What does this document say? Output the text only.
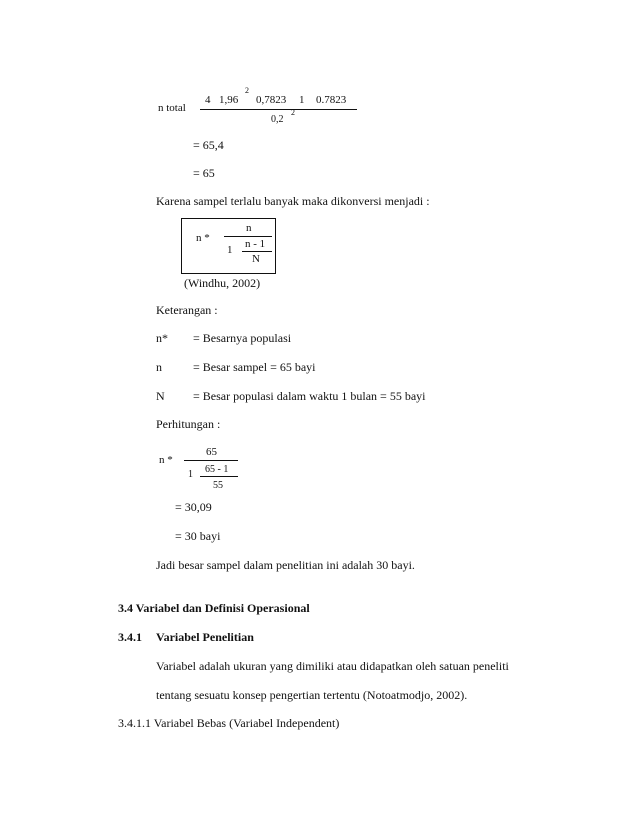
n total
4 1,96
2
0,7823 1 0.7823
0,2
2
= 65,4
= 65
Karena sampel terlalu banyak maka dikonversi menjadi :
n *
n
1 n - 1
N
(Windhu, 2002)
Keterangan :
n* = Besarnya populasi
n	= Besar sampel = 65 bayi
N = Besar populasi dalam waktu 1 bulan = 55 bayi
Perhitungan :
n *
65
1 65 - 1
55
= 30,09
= 30 bayi
Jadi besar sampel dalam penelitian ini adalah 30 bayi.
3.4 Variabel dan Definisi Operasional
3.4.1 Variabel Penelitian
Variabel adalah ukuran yang dimiliki atau didapatkan oleh satuan peneliti
tentang sesuatu konsep pengertian tertentu (Notoatmodjo, 2002).
3.4.1.1 Variabel Bebas (Variabel Independent)
